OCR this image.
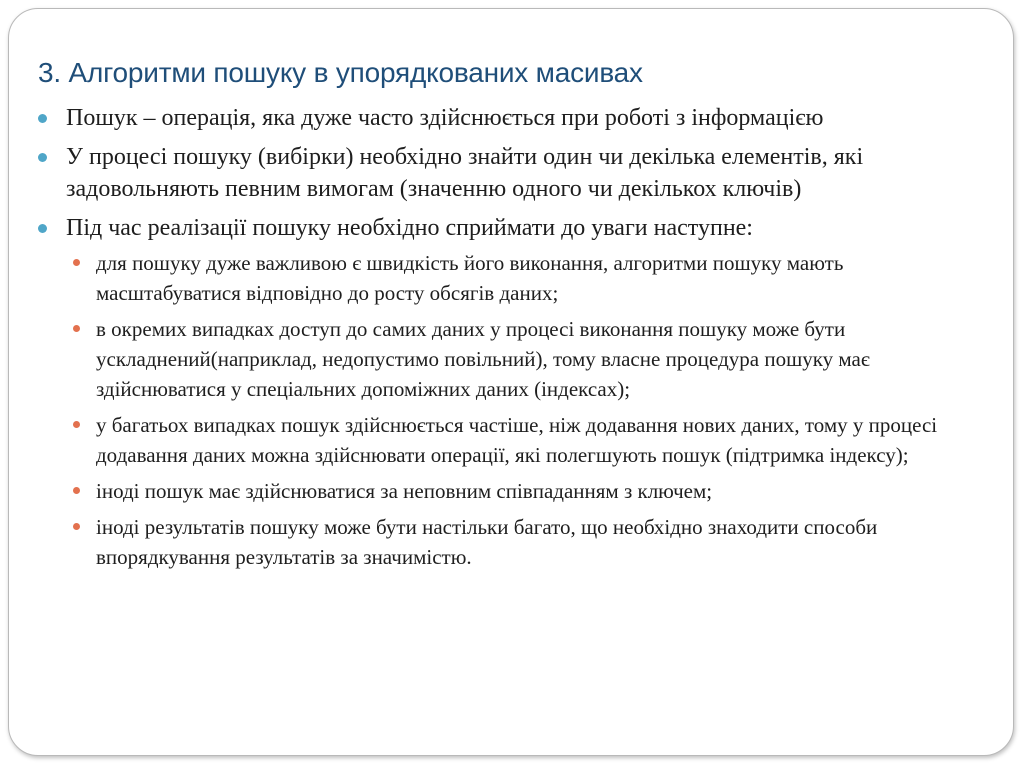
3. Алгоритми пошуку в упорядкованих масивах
Пошук – операція, яка дуже часто здійснюється при роботі з інформацією
У процесі пошуку (вибірки) необхідно знайти один чи декілька елементів, які задовольняють певним вимогам (значенню одного чи декількох ключів)
Під час реалізації пошуку необхідно сприймати до уваги наступне:
для пошуку дуже важливою є швидкість його виконання, алгоритми пошуку мають масштабуватися відповідно до росту обсягів даних;
в окремих випадках доступ до самих даних у процесі виконання пошуку може бути ускладнений(наприклад, недопустимо повільний), тому власне процедура пошуку має здійснюватися у спеціальних допоміжних даних (індексах);
у багатьох випадках пошук здійснюється частіше, ніж додавання нових даних, тому у процесі додавання даних можна здійснювати операції, які полегшують пошук (підтримка індексу);
іноді пошук має здійснюватися за неповним співпаданням з ключем;
іноді результатів пошуку може бути настільки багато, що необхідно знаходити способи впорядкування результатів за значимістю.
